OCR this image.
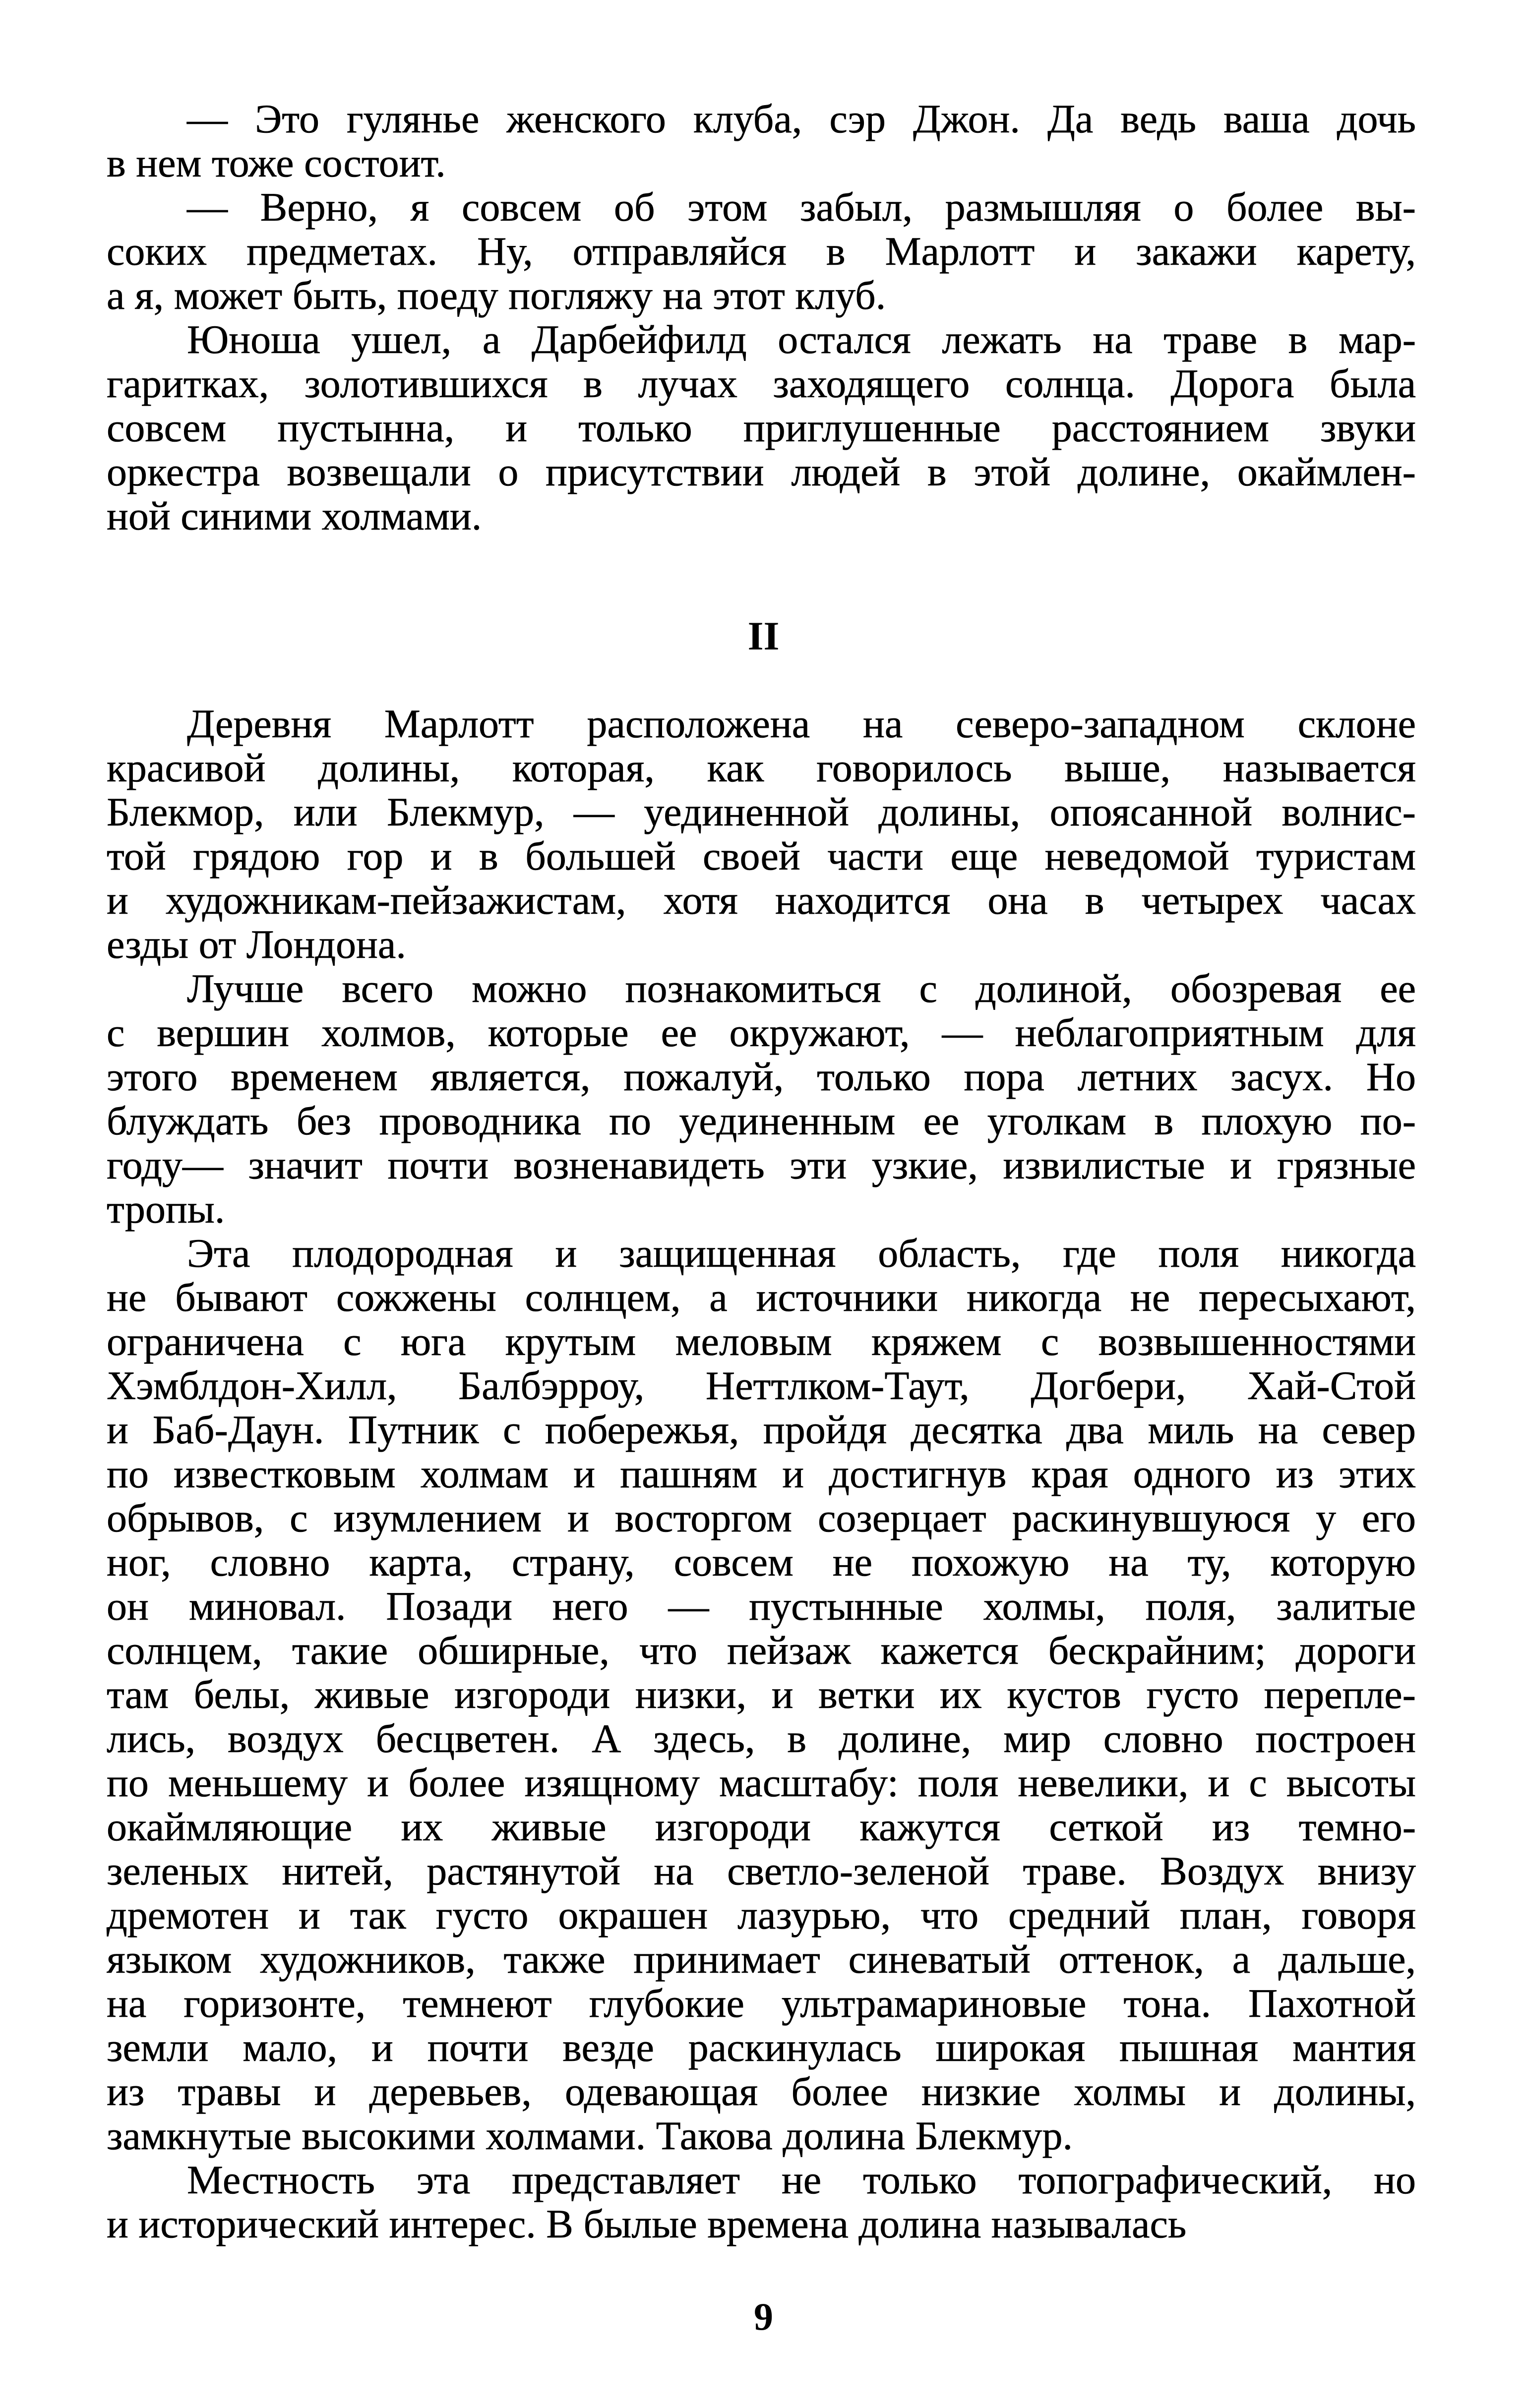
— Это гулянье женского клуба, сэр Джон. Да ведь ваша дочь
в нем тоже состоит.
— Верно, я совсем об этом забыл, размышляя о более вы-
соких предметах. Ну, отправляйся в Марлотт и закажи карету,
а я, может быть, поеду погляжу на этот клуб.
Юноша ушел, а Дарбейфилд остался лежать на траве в мар-
гаритках, золотившихся в лучах заходящего солнца. Дорога была
совсем пустынна, и только приглушенные расстоянием звуки
оркестра возвещали о присутствии людей в этой долине, окаймлен-
ной синими холмами.
II
Деревня Марлотт расположена на северо-западном склоне
красивой долины, которая, как говорилось выше, называется
Блекмор, или Блекмур, — уединенной долины, опоясанной волнис-
той грядою гор и в большей своей части еще неведомой туристам
и художникам-пейзажистам, хотя находится она в четырех часах
езды от Лондона.
Лучше всего можно познакомиться с долиной, обозревая ее
с вершин холмов, которые ее окружают, — неблагоприятным для
этого временем является, пожалуй, только пора летних засух. Но
блуждать без проводника по уединенным ее уголкам в плохую по-
году— значит почти возненавидеть эти узкие, извилистые и грязные
тропы.
Эта плодородная и защищенная область, где поля никогда
не бывают сожжены солнцем, а источники никогда не пересыхают,
ограничена с юга крутым меловым кряжем с возвышенностями
Хэмблдон-Хилл, Балбэрроу, Неттлком-Таут, Догбери, Хай-Стой
и Баб-Даун. Путник с побережья, пройдя десятка два миль на север
по известковым холмам и пашням и достигнув края одного из этих
обрывов, с изумлением и восторгом созерцает раскинувшуюся у его
ног, словно карта, страну, совсем не похожую на ту, которую
он миновал. Позади него — пустынные холмы, поля, залитые
солнцем, такие обширные, что пейзаж кажется бескрайним; дороги
там белы, живые изгороди низки, и ветки их кустов густо перепле-
лись, воздух бесцветен. А здесь, в долине, мир словно построен
по меньшему и более изящному масштабу: поля невелики, и с высоты
окаймляющие их живые изгороди кажутся сеткой из темно-
зеленых нитей, растянутой на светло-зеленой траве. Воздух внизу
дремотен и так густо окрашен лазурью, что средний план, говоря
языком художников, также принимает синеватый оттенок, а дальше,
на горизонте, темнеют глубокие ультрамариновые тона. Пахотной
земли мало, и почти везде раскинулась широкая пышная мантия
из травы и деревьев, одевающая более низкие холмы и долины,
замкнутые высокими холмами. Такова долина Блекмур.
Местность эта представляет не только топографический, но
и исторический интерес. В былые времена долина называлась
9
